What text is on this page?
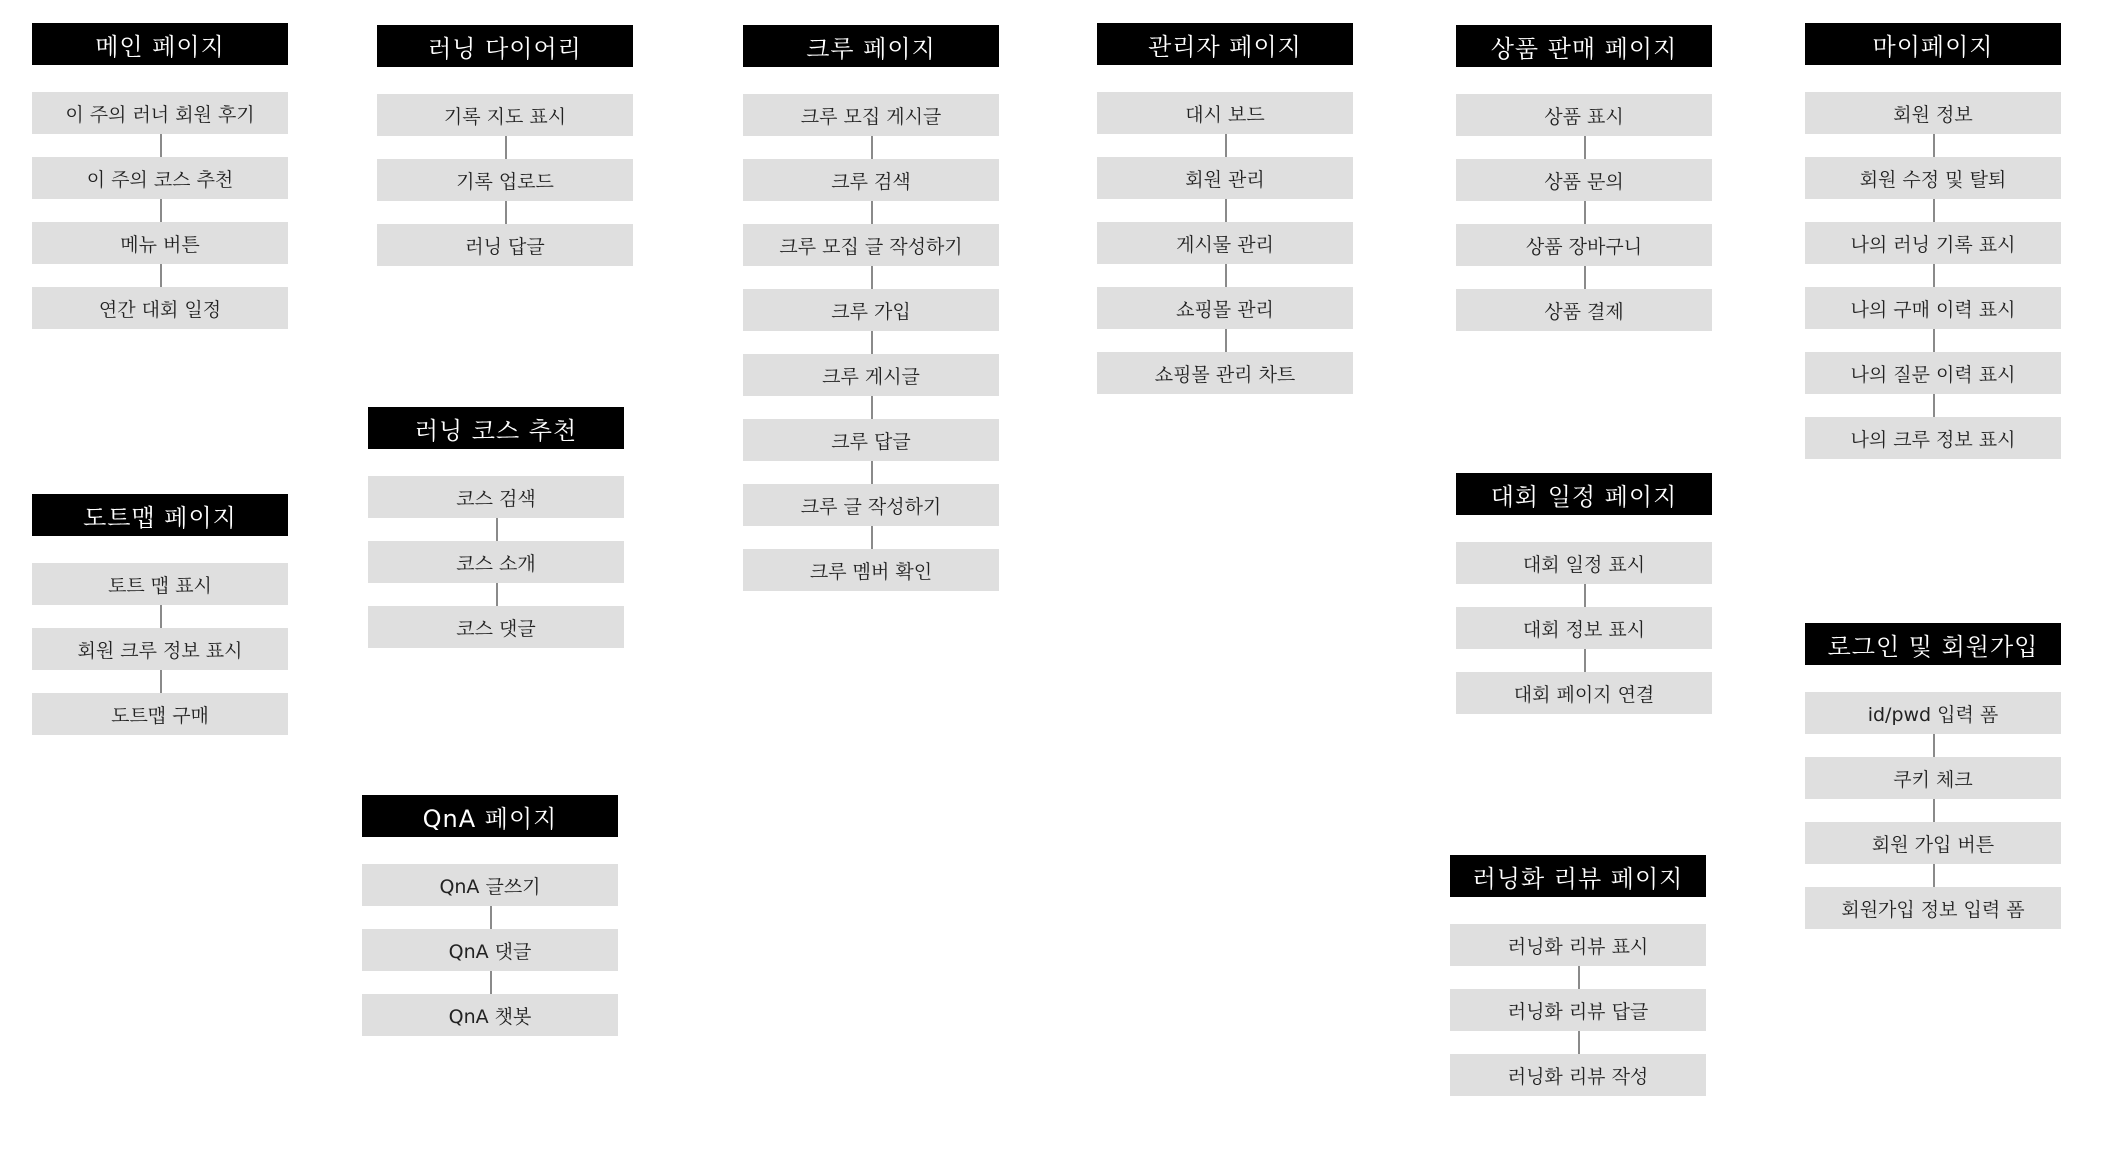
메인 페이지
이 주의 러너 회원 후기
이 주의 코스 추천
메뉴 버튼
연간 대회 일정
도트맵 페이지
토트 맵 표시
회원 크루 정보 표시
도트맵 구매
러닝 다이어리
기록 지도 표시
기록 업로드
러닝 답글
러닝 코스 추천
코스 검색
코스 소개
코스 댓글
QnA 페이지
QnA 글쓰기
QnA 댓글
QnA 챗봇
크루 페이지
크루 모집 게시글
크루 검색
크루 모집 글 작성하기
크루 가입
크루 게시글
크루 답글
크루 글 작성하기
크루 멤버 확인
관리자 페이지
대시 보드
회원 관리
게시물 관리
쇼핑몰 관리
쇼핑몰 관리 차트
상품 판매 페이지
상품 표시
상품 문의
상품 장바구니
상품 결제
대회 일정 페이지
대회 일정 표시
대회 정보 표시
대회 페이지 연결
러닝화 리뷰 페이지
러닝화 리뷰 표시
러닝화 리뷰 답글
러닝화 리뷰 작성
마이페이지
회원 정보
회원 수정 및 탈퇴
나의 러닝 기록 표시
나의 구매 이력 표시
나의 질문 이력 표시
나의 크루 정보 표시
로그인 및 회원가입
id/pwd 입력 폼
쿠키 체크
회원 가입 버튼
회원가입 정보 입력 폼
